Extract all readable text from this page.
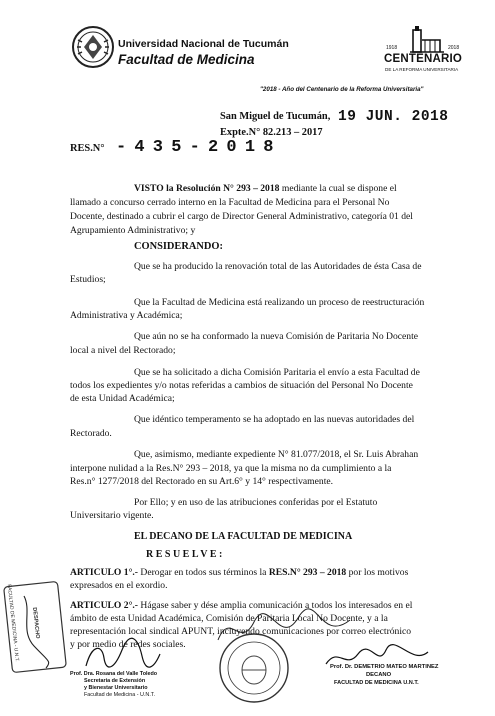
Universidad Nacional de Tucumán
Facultad de Medicina
1918	2018
CENTENARIO
DE LA REFORMA UNIVERSITARIA
"2018 - Año del Centenario de la Reforma Universitaria"
San Miguel de Tucumán, 19 JUN. 2018
Expte.N° 82.213 – 2017
RES.N° - 4 3 5 - 2 0 1 8
VISTO la Resolución N° 293 – 2018 mediante la cual se dispone el
llamado a concurso cerrado interno en la Facultad de Medicina para el Personal No
Docente, destinado a cubrir el cargo de Director General Administrativo, categoría 01 del
Agrupamiento Administrativo; y
CONSIDERANDO:
Que se ha producido la renovación total de las Autoridades de ésta Casa de
Estudios;
Que la Facultad de Medicina está realizando un proceso de reestructuración
Administrativa y Académica;
Que aún no se ha conformado la nueva Comisión de Paritaria No Docente
local a nivel del Rectorado;
Que se ha solicitado a dicha Comisión Paritaria el envío a esta Facultad de
todos los expedientes y/o notas referidas a cambios de situación del Personal No Docente
de esta Unidad Académica;
Que idéntico temperamento se ha adoptado en las nuevas autoridades del
Rectorado.
Que, asimismo, mediante expediente N° 81.077/2018, el Sr. Luis Abrahan
interpone nulidad a la Res.N° 293 – 2018, ya que la misma no da cumplimiento a la
Res.n° 1277/2018 del Rectorado en su Art.6° y 14° respectivamente.
Por Ello; y en uso de las atribuciones conferidas por el Estatuto
Universitario vigente.
EL DECANO DE LA FACULTAD DE MEDICINA
R E S U E L V E :
ARTICULO 1°.- Derogar en todos sus términos la RES.N° 293 – 2018 por los motivos
expresados en el exordio.
ARTICULO 2°.- Hágase saber y dése amplia comunicación a todos los interesados en el
ámbito de esta Unidad Académica, Comisión de Paritaria Local No Docente, y a la
representación local sindical APUNT, incluyendo comunicaciones por correo electrónico
y por medio de redes sociales.
FACULTAD DE MEDICINA - U.N.T. DESPACHO
Prof. Dra. Rosana del Valle Toledo
Secretaria de Extensión
y Bienestar Universitario
Facultad de Medicina - U.N.T.
Prof. Dr. DEMETRIO MATEO MARTINEZ
DECANO
FACULTAD DE MEDICINA U.N.T.
